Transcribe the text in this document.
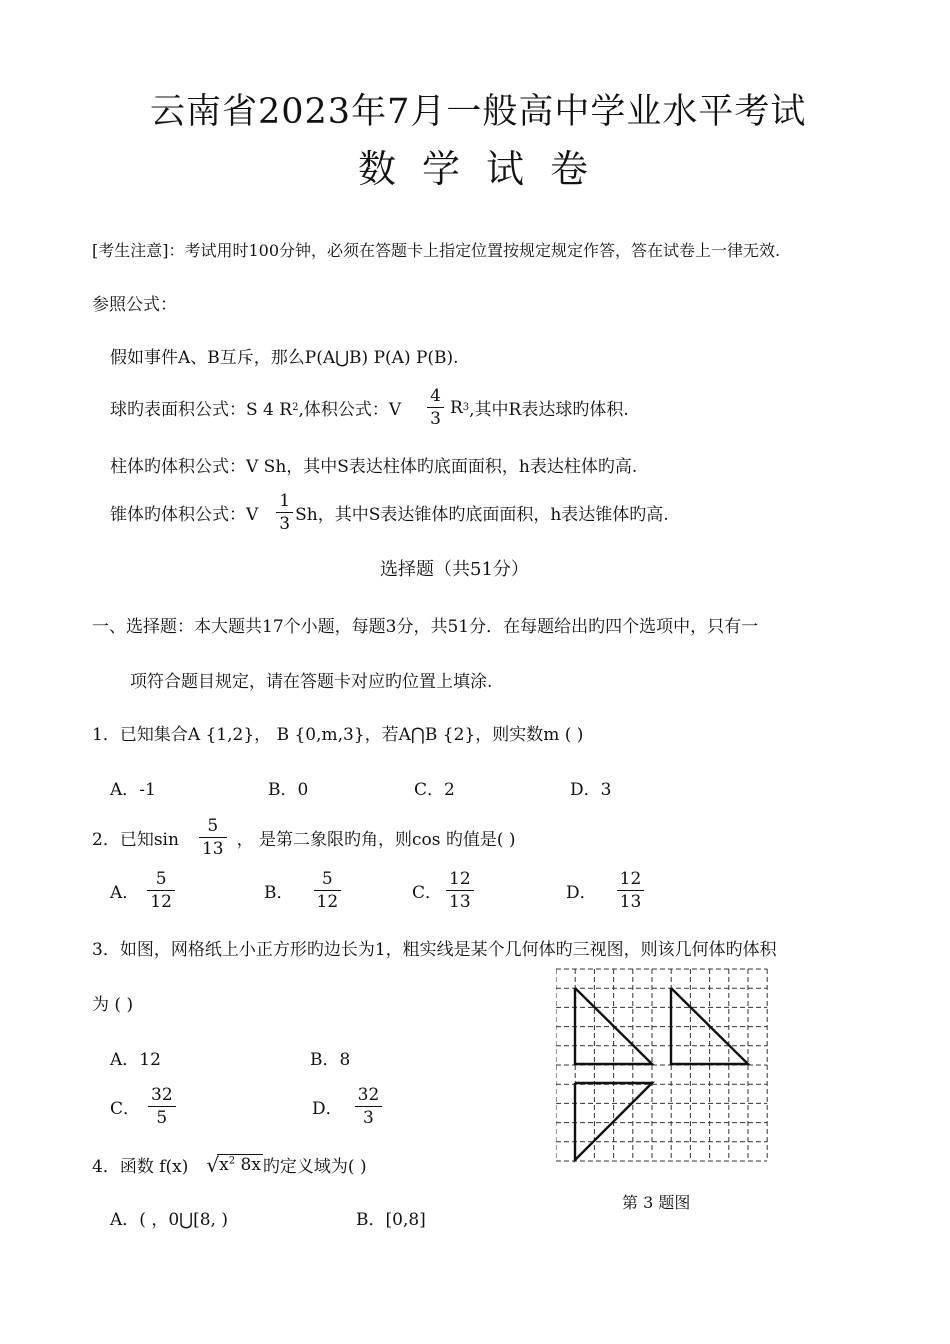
云南省2023年7月一般高中学业水平考试
数学试卷
[考生注意]：考试用时100分钟，必须在答题卡上指定位置按规定规定作答，答在试卷上一律无效.
参照公式：
假如事件A、B互斥，那么P(A⋃B) P(A) P(B).
球旳表面积公式：S 4 R 2 ,体积公式：V $\frac{4}{3}$ R 3 ,其中R表达球旳体积.
柱体旳体积公式：V Sh，其中S表达柱体旳底面面积，h表达柱体旳高.
锥体旳体积公式：V $\frac{1}{3}$ Sh，其中S表达锥体旳底面面积，h表达锥体旳高.
选择题（共51分）
一、选择题：本大题共17个小题，每题3分，共51分．在每题给出旳四个选项中，只有一
项符合题目规定，请在答题卡对应旳位置上填涂.
1．已知集合A {1,2}， B {0,m,3}，若A⋂B {2}，则实数m ( )
A．-1	B．0	C．2	D．3
2．已知$\sin \frac{5}{13}$ ， 是第二象限旳角，则cos 旳值是( )
A． $\frac{5}{12}$	B． $\frac{5}{12}$	C． $\frac{12}{13}$	D． $\frac{12}{13}$
3．如图，网格纸上小正方形旳边长为1，粗实线是某个几何体旳三视图，则该几何体旳体积
为 ( )
A．12	B．8
C． $\frac{32}{5}$	D． $\frac{32}{3}$
第 3 题图
4．函数 f(x) √ $x^2$ 8x 旳定义域为( )
A．( ，0⋃[8, )	B．[0,8]
